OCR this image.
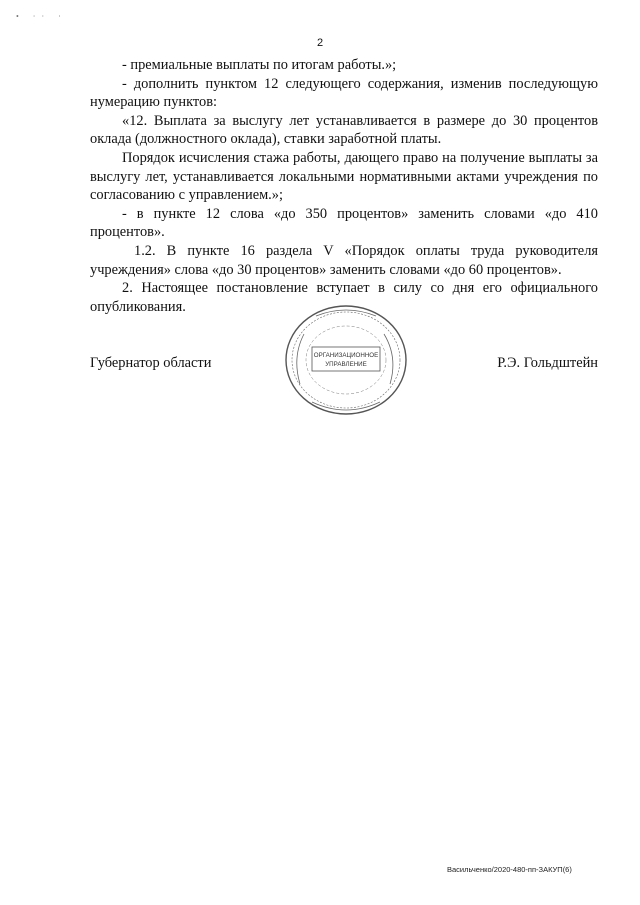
• ·· ·
2

- премиальные выплаты по итогам работы.»;

- дополнить пунктом 12 следующего содержания, изменив последующую нумерацию пунктов:

«12. Выплата за выслугу лет устанавливается в размере до 30 процентов оклада (должностного оклада), ставки заработной платы.

Порядок исчисления стажа работы, дающего право на получение выплаты за выслугу лет, устанавливается локальными нормативными актами учреждения по согласованию с управлением.»;

- в пункте 12 слова «до 350 процентов» заменить словами «до 410 процентов».

1.2. В пункте 16 раздела V «Порядок оплаты труда руководителя учреждения» слова «до 30 процентов» заменить словами «до 60 процентов».

2. Настоящее постановление вступает в силу со дня его официального опубликования.

Губернатор области	Р.Э. Гольдштейн
ОРГАНИЗАЦИОННОЕ
УПРАВЛЕНИЕ
Васильченко/2020-480-пп-ЗАКУП(6)
